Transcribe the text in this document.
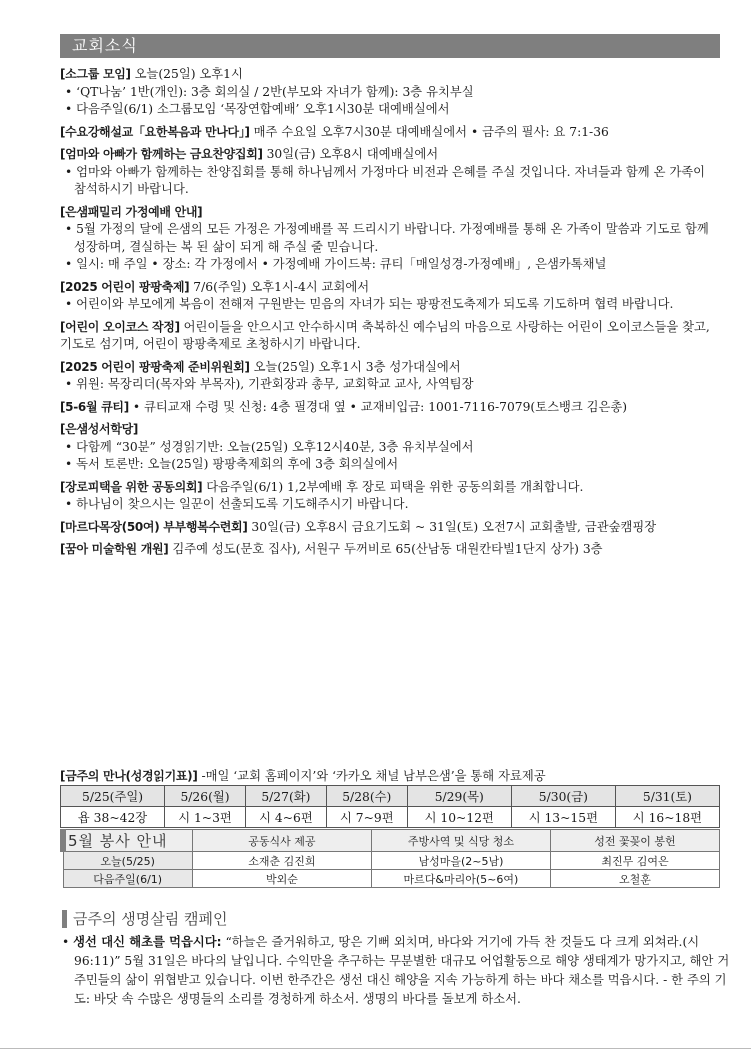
교회소식
[소그룹 모임] 오늘(25일) 오후1시
• ‘QT나눔’ 1반(개인): 3층 회의실 / 2반(부모와 자녀가 함께): 3층 유치부실
• 다음주일(6/1) 소그룹모임 ‘목장연합예배’ 오후1시30분 대예배실에서
[수요강해설교「요한복음과 만나다」] 매주 수요일 오후7시30분 대예배실에서 • 금주의 필사: 요 7:1-36
[엄마와 아빠가 함께하는 금요찬양집회] 30일(금) 오후8시 대예배실에서
• 엄마와 아빠가 함께하는 찬양집회를 통해 하나님께서 가정마다 비전과 은혜를 주실 것입니다. 자녀들과 함께 온 가족이 참석하시기 바랍니다.
[은샘패밀리 가정예배 안내]
• 5월 가정의 달에 은샘의 모든 가정은 가정예배를 꼭 드리시기 바랍니다. 가정예배를 통해 온 가족이 말씀과 기도로 함께 성장하며, 결실하는 복 된 삶이 되게 해 주실 줄 믿습니다.
• 일시: 매 주일 • 장소: 각 가정에서 • 가정예배 가이드북: 큐티「매일성경-가정예배」, 은샘카톡채널
[2025 어린이 팡팡축제] 7/6(주일) 오후1시-4시 교회에서
• 어린이와 부모에게 복음이 전해져 구원받는 믿음의 자녀가 되는 팡팡전도축제가 되도록 기도하며 협력 바랍니다.
[어린이 오이코스 작정] 어린이들을 안으시고 안수하시며 축복하신 예수님의 마음으로 사랑하는 어린이 오이코스들을 찾고, 기도로 섬기며, 어린이 팡팡축제로 초청하시기 바랍니다.
[2025 어린이 팡팡축제 준비위원회] 오늘(25일) 오후1시 3층 성가대실에서
• 위원: 목장리더(목자와 부목자), 기관회장과 총무, 교회학교 교사, 사역팀장
[5-6월 큐티] • 큐티교재 수령 및 신청: 4층 필경대 옆 • 교재비입금: 1001-7116-7079(토스뱅크 김은총)
[은샘성서학당]
• 다함께 “30분” 성경읽기반: 오늘(25일) 오후12시40분, 3층 유치부실에서
• 독서 토론반: 오늘(25일) 팡팡축제회의 후에 3층 회의실에서
[장로피택을 위한 공동의회] 다음주일(6/1) 1,2부예배 후 장로 피택을 위한 공동의회를 개최합니다.
• 하나님이 찾으시는 일꾼이 선출되도록 기도해주시기 바랍니다.
[마르다목장(50여) 부부행복수련회] 30일(금) 오후8시 금요기도회 ~ 31일(토) 오전7시 교회출발, 금관숲캠핑장
[꿈아 미술학원 개원] 김주예 성도(문호 집사), 서원구 두꺼비로 65(산남동 대원칸타빌1단지 상가) 3층
[금주의 만나(성경읽기표)] -매일 ‘교회 홈페이지’와 ‘카카오 채널 남부은샘’을 통해 자료제공
5/25(주일)	5/26(월)	5/27(화)	5/28(수)	5/29(목)	5/30(금)	5/31(토)
욥 38~42장	시 1~3편	시 4~6편	시 7~9편	시 10~12편	시 13~15편	시 16~18편
5월 봉사 안내	공동식사 제공	주방사역 및 식당 청소	성전 꽃꽂이 봉헌
오늘(5/25)	소재춘 김진희	남성마을(2~5남)	최진무 김여은
다음주일(6/1)	박외순	마르다&마리아(5~6여)	오철훈
금주의 생명살림 캠페인
• 생선 대신 해초를 먹읍시다: “하늘은 즐거워하고, 땅은 기뻐 외치며, 바다와 거기에 가득 찬 것들도 다 크게 외쳐라.(시 96:11)” 5월 31일은 바다의 날입니다. 수익만을 추구하는 무분별한 대규모 어업활동으로 해양 생태계가 망가지고, 해안 거주민들의 삶이 위협받고 있습니다. 이번 한주간은 생선 대신 해양을 지속 가능하게 하는 바다 채소를 먹읍시다. - 한 주의 기도: 바닷 속 수많은 생명들의 소리를 경청하게 하소서. 생명의 바다를 돌보게 하소서.
